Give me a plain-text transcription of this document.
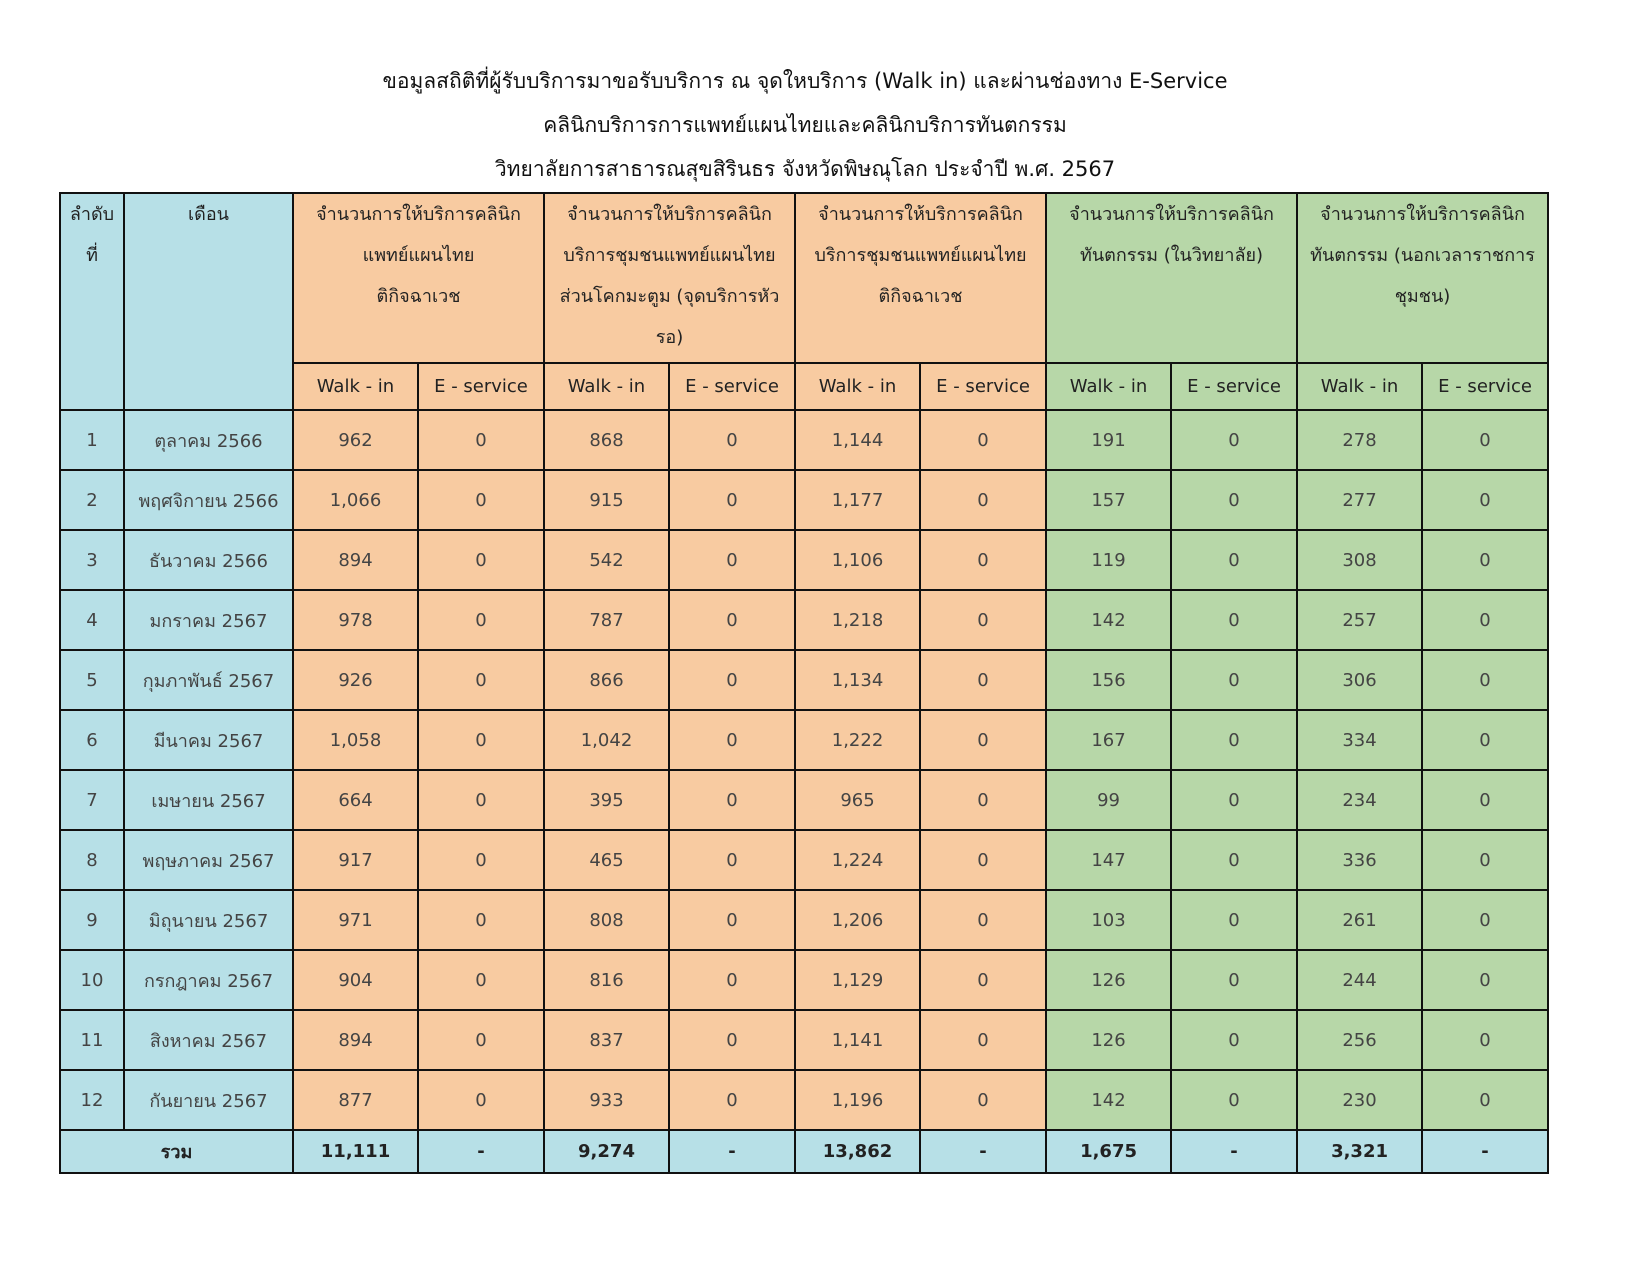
ขอมูลสถิติที่ผู้รับบริการมาขอรับบริการ ณ จุดใหบริการ (Walk in) และผ่านช่องทาง E-Service
คลินิกบริการการแพทย์แผนไทยและคลินิกบริการทันตกรรม
วิทยาลัยการสาธารณสุขสิรินธร จังหวัดพิษณุโลก ประจำปี พ.ศ. 2567
ลำดับ
ที่	เดือน	จำนวนการให้บริการคลินิก
แพทย์แผนไทย
ติกิจฉาเวช		จำนวนการให้บริการคลินิก
บริการชุมชนแพทย์แผนไทย
ส่วนโคกมะตูม (จุดบริการหัว
รอ)		จำนวนการให้บริการคลินิก
บริการชุมชนแพทย์แผนไทย
ติกิจฉาเวช		จำนวนการให้บริการคลินิก
ทันตกรรม (ในวิทยาลัย)		จำนวนการให้บริการคลินิก
ทันตกรรม (นอกเวลาราชการ
ชุมชน)	

		Walk - in	E - service	Walk - in	E - service	Walk - in	E - service	Walk - in	E - service	Walk - in	E - service
1	ตุลาคม 2566	962	0	868	0	1,144	0	191	0	278	0
2	พฤศจิกายน 2566	1,066	0	915	0	1,177	0	157	0	277	0
3	ธันวาคม 2566	894	0	542	0	1,106	0	119	0	308	0
4	มกราคม 2567	978	0	787	0	1,218	0	142	0	257	0
5	กุมภาพันธ์ 2567	926	0	866	0	1,134	0	156	0	306	0
6	มีนาคม 2567	1,058	0	1,042	0	1,222	0	167	0	334	0
7	เมษายน 2567	664	0	395	0	965	0	99	0	234	0
8	พฤษภาคม 2567	917	0	465	0	1,224	0	147	0	336	0
9	มิถุนายน 2567	971	0	808	0	1,206	0	103	0	261	0
10	กรกฎาคม 2567	904	0	816	0	1,129	0	126	0	244	0
11	สิงหาคม 2567	894	0	837	0	1,141	0	126	0	256	0
12	กันยายน 2567	877	0	933	0	1,196	0	142	0	230	0
รวม		11,111	-	9,274	-	13,862	-	1,675	-	3,321	-
